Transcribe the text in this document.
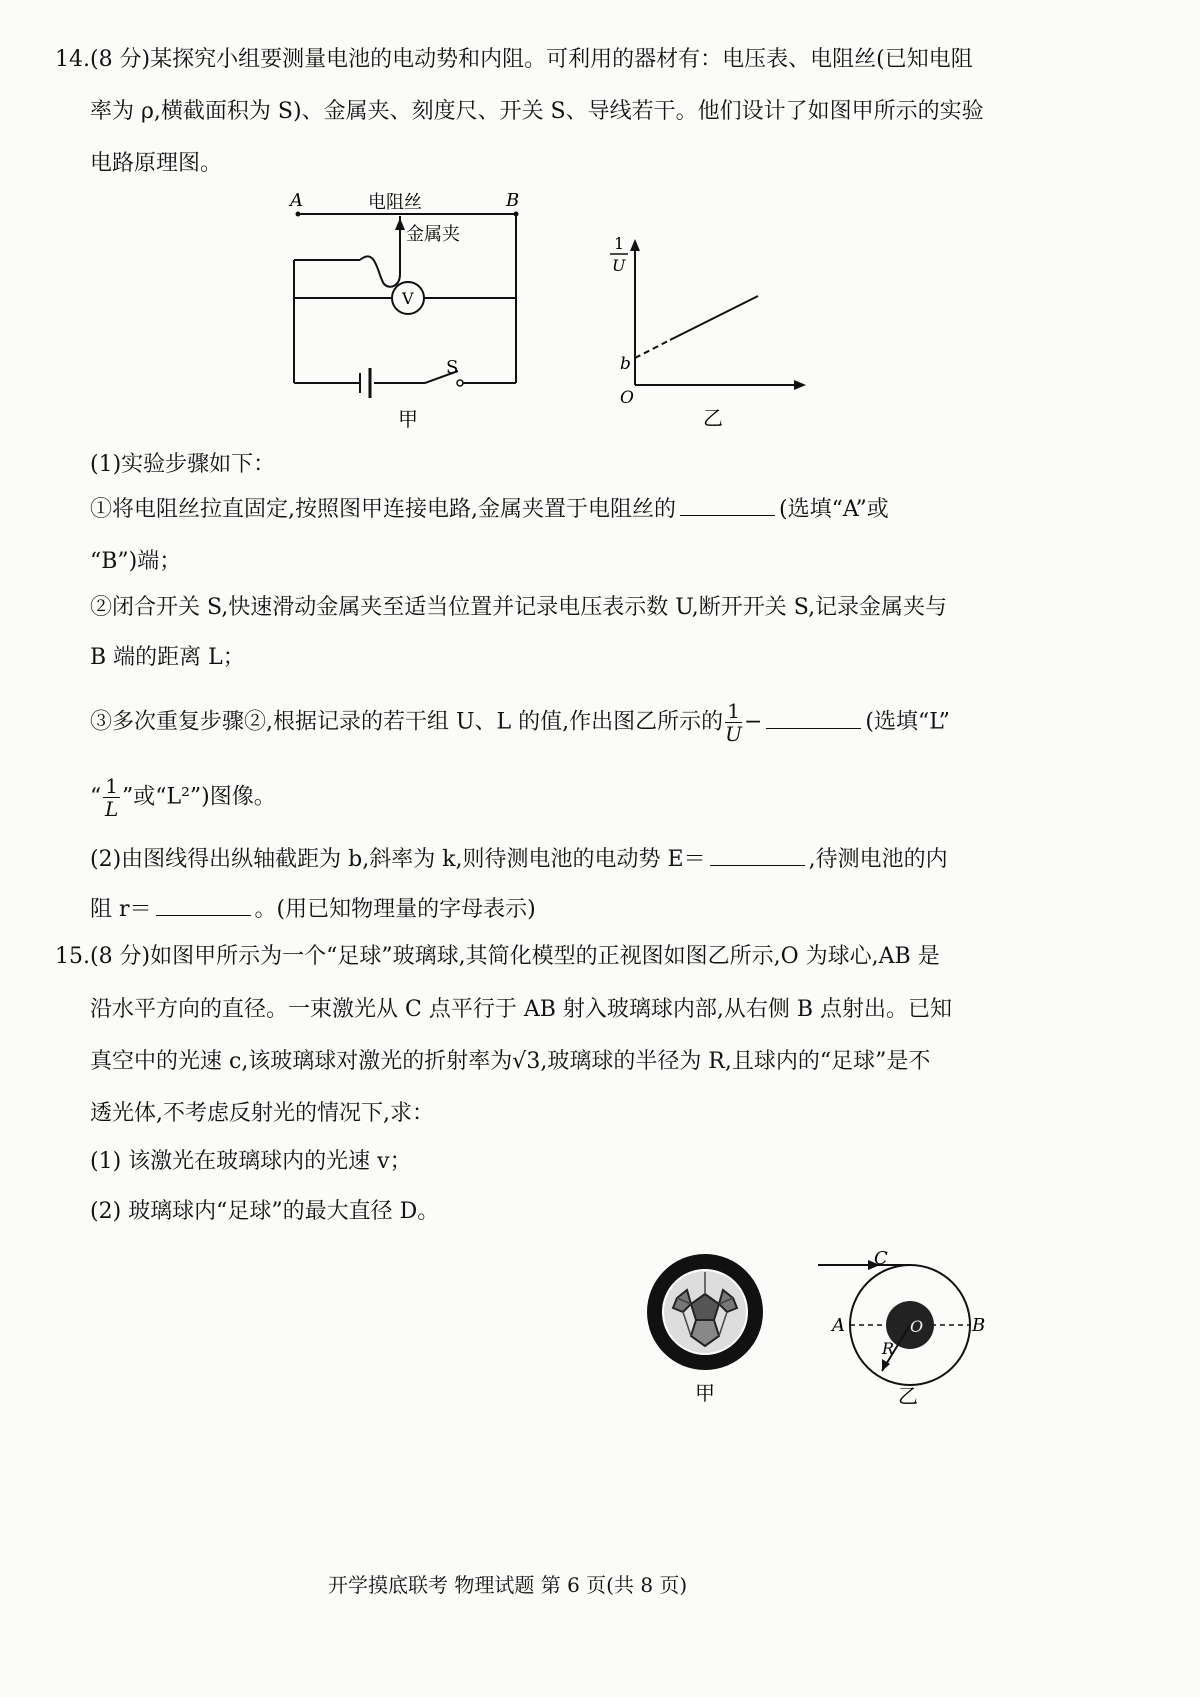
14.(8 分)某探究小组要测量电池的电动势和内阻。可利用的器材有：电压表、电阻丝(已知电阻
率为 ρ,横截面积为 S)、金属夹、刻度尺、开关 S、导线若干。他们设计了如图甲所示的实验
电路原理图。
A	B
电阻丝
金属夹
V
S
甲
1
U
b
O
乙
(1)实验步骤如下：
①将电阻丝拉直固定,按照图甲连接电路,金属夹置于电阻丝的	(选填“A”或
“B”)端；
②闭合开关 S,快速滑动金属夹至适当位置并记录电压表示数 U,断开开关 S,记录金属夹与
B 端的距离 L；
③多次重复步骤②,根据记录的若干组 U、L 的值,作出图乙所示的 $\frac{1}{U}$ −	(选填“L”
“ $\frac{1}{L}$ ”或“L²”)图像。
(2)由图线得出纵轴截距为 b,斜率为 k,则待测电池的电动势 E＝	,待测电池的内
阻 r＝	。(用已知物理量的字母表示)
15.(8 分)如图甲所示为一个“足球”玻璃球,其简化模型的正视图如图乙所示,O 为球心,AB 是
沿水平方向的直径。一束激光从 C 点平行于 AB 射入玻璃球内部,从右侧 B 点射出。已知
真空中的光速 c,该玻璃球对激光的折射率为√3,玻璃球的半径为 R,且球内的“足球”是不
透光体,不考虑反射光的情况下,求：
(1) 该激光在玻璃球内的光速 v；
(2) 玻璃球内“足球”的最大直径 D。
甲
C
A	B
O
R
乙
开学摸底联考 物理试题 第 6 页(共 8 页)
